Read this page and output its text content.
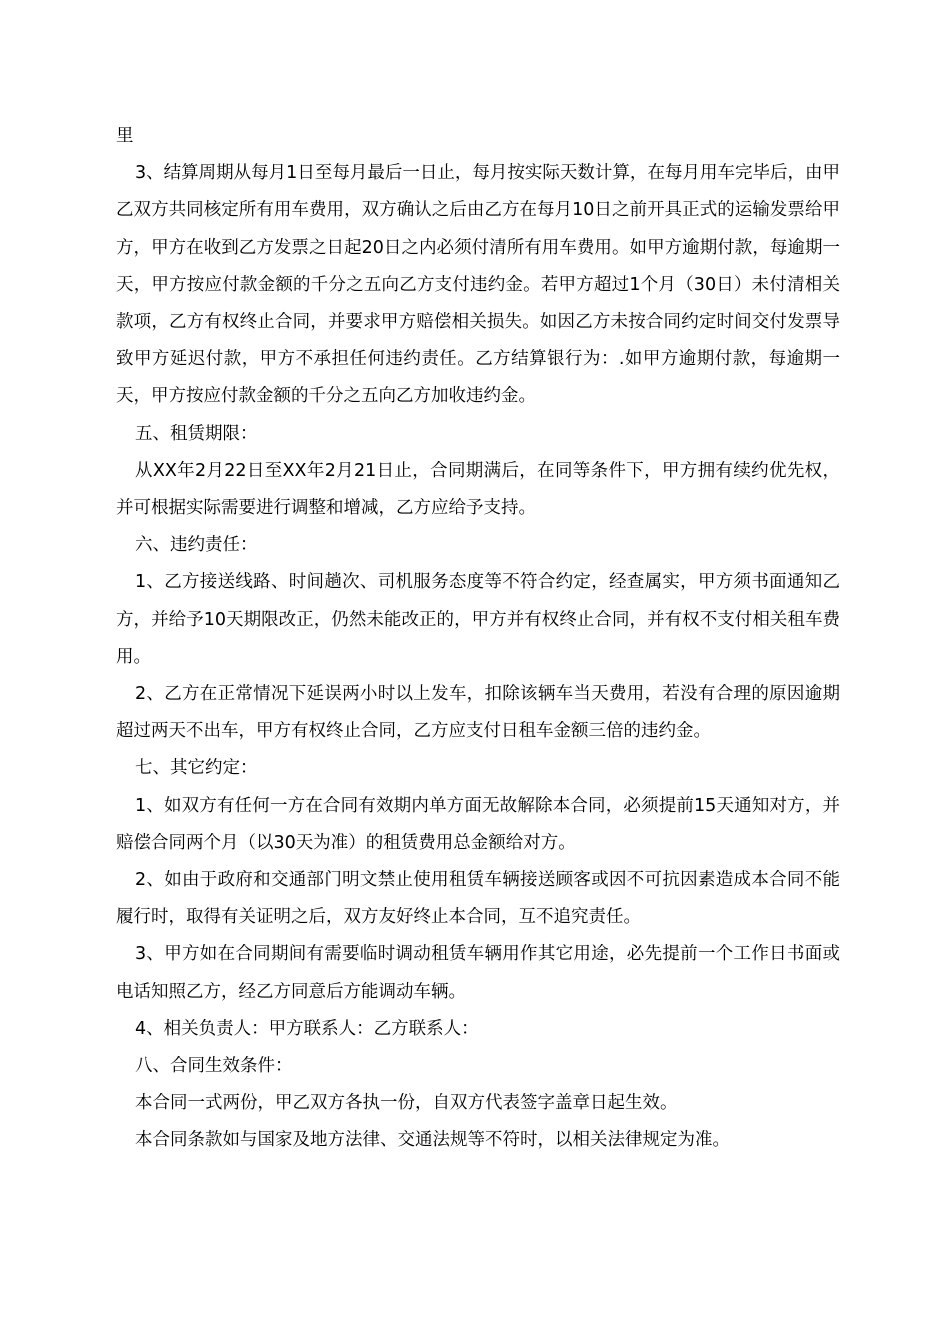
里

3、结算周期从每月1日至每月最后一日止，每月按实际天数计算，在每月用车完毕后，由甲乙双方共同核定所有用车费用，双方确认之后由乙方在每月10日之前开具正式的运输发票给甲方，甲方在收到乙方发票之日起20日之内必须付清所有用车费用。如甲方逾期付款，每逾期一天，甲方按应付款金额的千分之五向乙方支付违约金。若甲方超过1个月（30日）未付清相关款项，乙方有权终止合同，并要求甲方赔偿相关损失。如因乙方未按合同约定时间交付发票导致甲方延迟付款，甲方不承担任何违约责任。乙方结算银行为：.如甲方逾期付款，每逾期一天，甲方按应付款金额的千分之五向乙方加收违约金。

五、租赁期限：

从XX年2月22日至XX年2月21日止，合同期满后，在同等条件下，甲方拥有续约优先权，并可根据实际需要进行调整和增减，乙方应给予支持。

六、违约责任：

1、乙方接送线路、时间趟次、司机服务态度等不符合约定，经查属实，甲方须书面通知乙方，并给予10天期限改正，仍然未能改正的，甲方并有权终止合同，并有权不支付相关租车费用。

2、乙方在正常情况下延误两小时以上发车，扣除该辆车当天费用，若没有合理的原因逾期超过两天不出车，甲方有权终止合同，乙方应支付日租车金额三倍的违约金。

七、其它约定：

1、如双方有任何一方在合同有效期内单方面无故解除本合同，必须提前15天通知对方，并赔偿合同两个月（以30天为准）的租赁费用总金额给对方。

2、如由于政府和交通部门明文禁止使用租赁车辆接送顾客或因不可抗因素造成本合同不能履行时，取得有关证明之后，双方友好终止本合同，互不追究责任。

3、甲方如在合同期间有需要临时调动租赁车辆用作其它用途，必先提前一个工作日书面或电话知照乙方，经乙方同意后方能调动车辆。

4、相关负责人：甲方联系人：乙方联系人：

八、合同生效条件：

本合同一式两份，甲乙双方各执一份，自双方代表签字盖章日起生效。

本合同条款如与国家及地方法律、交通法规等不符时，以相关法律规定为准。
